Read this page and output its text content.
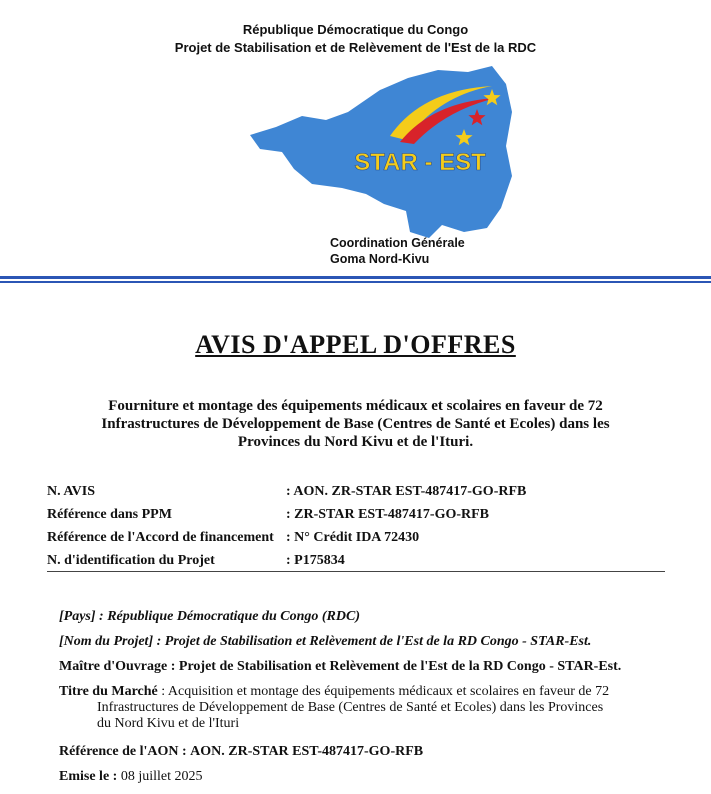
République Démocratique du Congo
Projet de Stabilisation et de Relèvement de l'Est de la RDC
STAR - EST
Coordination Générale
Goma Nord-Kivu
AVIS D'APPEL D'OFFRES
Fourniture et montage des équipements médicaux et scolaires en faveur de 72
Infrastructures de Développement de Base (Centres de Santé et Ecoles) dans les
Provinces du Nord Kivu et de l'Ituri.
N. AVIS	: AON. ZR-STAR EST-487417-GO-RFB
Référence dans PPM	: ZR-STAR EST-487417-GO-RFB
Référence de l'Accord de financement : N° Crédit IDA 72430
N. d'identification du Projet	: P175834
[Pays] : République Démocratique du Congo (RDC)
[Nom du Projet] : Projet de Stabilisation et Relèvement de l'Est de la RD Congo - STAR-Est.
Maître d'Ouvrage : Projet de Stabilisation et Relèvement de l'Est de la RD Congo - STAR-Est.
Titre du Marché : Acquisition et montage des équipements médicaux et scolaires en faveur de 72
Infrastructures de Développement de Base (Centres de Santé et Ecoles) dans les Provinces
du Nord Kivu et de l'Ituri
Référence de l'AON : AON. ZR-STAR EST-487417-GO-RFB
Emise le : 08 juillet 2025
